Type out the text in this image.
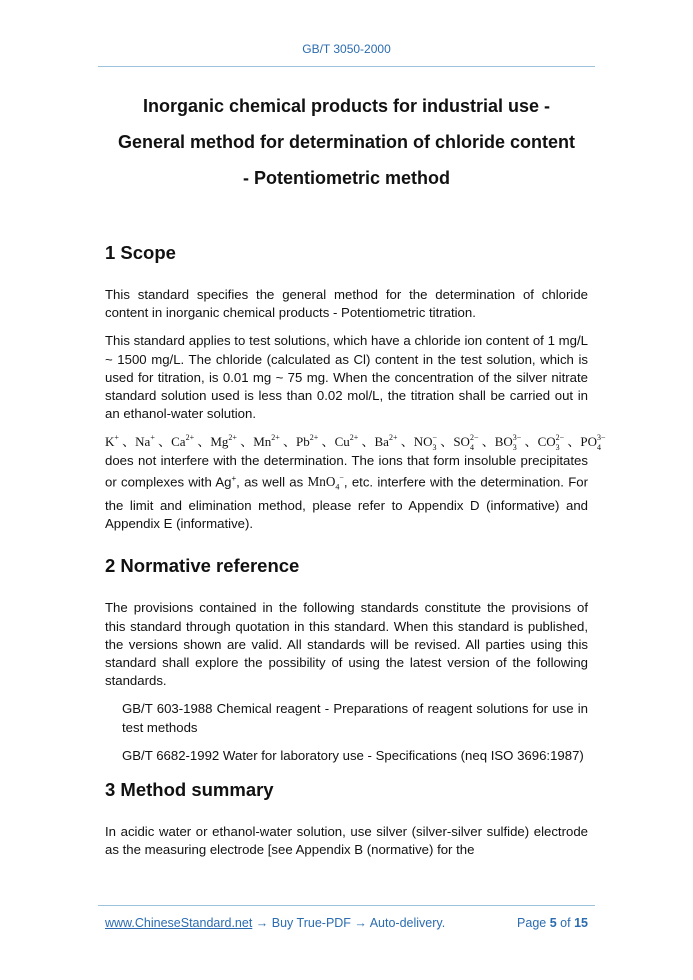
GB/T 3050-2000
Inorganic chemical products for industrial use -
General method for determination of chloride content
- Potentiometric method
1 Scope

This standard specifies the general method for the determination of chloride content in inorganic chemical products - Potentiometric titration.

This standard applies to test solutions, which have a chloride ion content of 1 mg/L ~ 1500 mg/L. The chloride (calculated as Cl) content in the test solution, which is used for titration, is 0.01 mg ~ 75 mg. When the concentration of the silver nitrate standard solution used is less than 0.02 mol/L, the titration shall be carried out in an ethanol-water solution.

K + 、Na + 、Ca 2+ 、Mg 2+ 、Mn 2+ 、Pb 2+ 、Cu 2+ 、Ba 2+ 、NO −
3 、SO 2−
4 、BO 3−
3 、CO 2−
3 、PO 3−
4

does not interfere with the determination. The ions that form insoluble precipitates or complexes with Ag+, as well as MnO$_4$−, etc. interfere with the determination. For the limit and elimination method, please refer to Appendix D (informative) and Appendix E (informative).

2 Normative reference

The provisions contained in the following standards constitute the provisions of this standard through quotation in this standard. When this standard is published, the versions shown are valid. All standards will be revised. All parties using this standard shall explore the possibility of using the latest version of the following standards.

GB/T 603-1988 Chemical reagent - Preparations of reagent solutions for use in test methods

GB/T 6682-1992 Water for laboratory use - Specifications (neq ISO 3696:1987)

3 Method summary

In acidic water or ethanol-water solution, use silver (silver-silver sulfide) electrode as the measuring electrode [see Appendix B (normative) for the

www.ChineseStandard.net → Buy True-PDF → Auto-delivery.	Page 5 of 15
